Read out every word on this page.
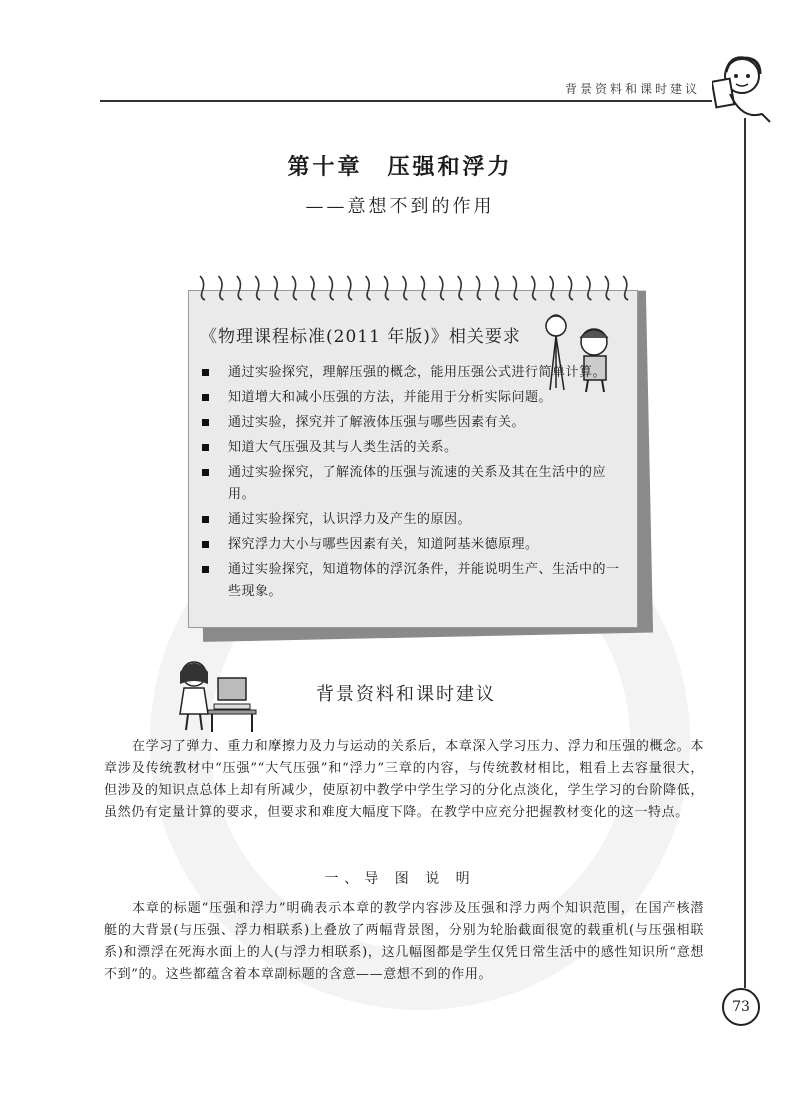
背景资料和课时建议
第十章　压强和浮力
——意想不到的作用
《物理课程标准(2011 年版)》相关要求
通过实验探究，理解压强的概念，能用压强公式进行简单计算。
知道增大和减小压强的方法，并能用于分析实际问题。
通过实验，探究并了解液体压强与哪些因素有关。
知道大气压强及其与人类生活的关系。
通过实验探究，了解流体的压强与流速的关系及其在生活中的应用。
通过实验探究，认识浮力及产生的原因。
探究浮力大小与哪些因素有关，知道阿基米德原理。
通过实验探究，知道物体的浮沉条件，并能说明生产、生活中的一些现象。
背景资料和课时建议

在学习了弹力、重力和摩擦力及力与运动的关系后，本章深入学习压力、浮力和压强的概念。本章涉及传统教材中“压强”“大气压强”和“浮力”三章的内容，与传统教材相比，粗看上去容量很大，但涉及的知识点总体上却有所减少，使原初中教学中学生学习的分化点淡化，学生学习的台阶降低，虽然仍有定量计算的要求，但要求和难度大幅度下降。在教学中应充分把握教材变化的这一特点。

一、导 图 说 明

本章的标题“压强和浮力”明确表示本章的教学内容涉及压强和浮力两个知识范围，在国产核潜艇的大背景(与压强、浮力相联系)上叠放了两幅背景图，分别为轮胎截面很宽的载重机(与压强相联系)和漂浮在死海水面上的人(与浮力相联系)，这几幅图都是学生仅凭日常生活中的感性知识所“意想不到”的。这些都蕴含着本章副标题的含意——意想不到的作用。

73
